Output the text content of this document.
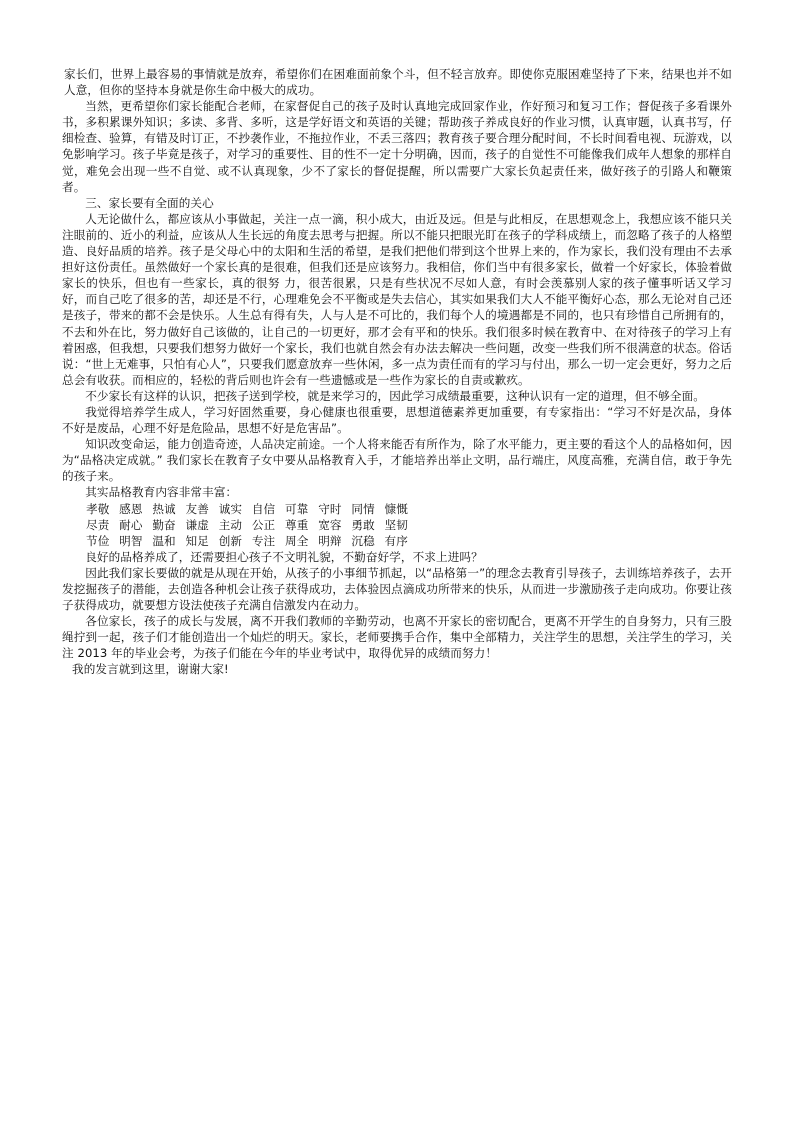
家长们，世界上最容易的事情就是放弃，希望你们在困难面前象个斗，但不轻言放弃。即使你克服困难坚持了下来，结果也并不如人意，但你的坚持本身就是你生命中极大的成功。

当然，更希望你们家长能配合老师，在家督促自己的孩子及时认真地完成回家作业，作好预习和复习工作；督促孩子多看课外书，多积累课外知识；多读、多背、多听，这是学好语文和英语的关键；帮助孩子养成良好的作业习惯，认真审题，认真书写，仔细检查、验算，有错及时订正，不抄袭作业，不拖拉作业，不丢三落四；教育孩子要合理分配时间，不长时间看电视、玩游戏，以免影响学习。孩子毕竟是孩子，对学习的重要性、目的性不一定十分明确，因而，孩子的自觉性不可能像我们成年人想象的那样自觉，难免会出现一些不自觉、或不认真现象，少不了家长的督促提醒，所以需要广大家长负起责任来，做好孩子的引路人和鞭策者。

三、家长要有全面的关心

人无论做什么，都应该从小事做起，关注一点一滴，积小成大，由近及远。但是与此相反，在思想观念上，我想应该不能只关注眼前的、近小的利益，应该从人生长远的角度去思考与把握。所以不能只把眼光盯在孩子的学科成绩上，而忽略了孩子的人格塑造、良好品质的培养。孩子是父母心中的太阳和生活的希望，是我们把他们带到这个世界上来的，作为家长，我们没有理由不去承担好这份责任。虽然做好一个家长真的是很难，但我们还是应该努力。我相信，你们当中有很多家长，做着一个好家长，体验着做家长的快乐，但也有一些家长，真的很努 力，很苦很累，只是有些状况不尽如人意，有时会羡慕别人家的孩子懂事听话又学习好，而自己吃了很多的苦，却还是不行，心理难免会不平衡或是失去信心，其实如果我们大人不能平衡好心态，那么无论对自己还是孩子，带来的都不会是快乐。人生总有得有失，人与人是不可比的，我们每个人的境遇都是不同的，也只有珍惜自己所拥有的，不去和外在比，努力做好自己该做的，让自己的一切更好，那才会有平和的快乐。我们很多时候在教育中、在对待孩子的学习上有着困惑，但我想，只要我们想努力做好一个家长，我们也就自然会有办法去解决一些问题，改变一些我们所不很满意的状态。俗话说：“世上无难事，只怕有心人”，只要我们愿意放弃一些休闲，多一点为责任而有的学习与付出，那么一切一定会更好，努力之后总会有收获。而相应的，轻松的背后则也许会有一些遗憾或是一些作为家长的自责或歉疚。

不少家长有这样的认识，把孩子送到学校，就是来学习的，因此学习成绩最重要，这种认识有一定的道理，但不够全面。

我觉得培养学生成人，学习好固然重要，身心健康也很重要，思想道德素养更加重要，有专家指出：“学习不好是次品，身体不好是废品，心理不好是危险品，思想不好是危害品”。

知识改变命运，能力创造奇迹，人品决定前途。一个人将来能否有所作为，除了水平能力，更主要的看这个人的品格如何，因为“品格决定成就。” 我们家长在教育子女中要从品格教育入手，才能培养出举止文明，品行端庄，风度高雅，充满自信，敢于争先的孩子来。

其实品格教育内容非常丰富：

孝敬 感恩 热诚 友善 诚实 自信 可靠 守时 同情 慷慨

尽责 耐心 勤奋 谦虚 主动 公正 尊重 宽容 勇敢 坚韧

节俭 明智 温和 知足 创新 专注 周全 明辩 沉稳 有序

良好的品格养成了，还需要担心孩子不文明礼貌，不勤奋好学，不求上进吗？

因此我们家长要做的就是从现在开始，从孩子的小事细节抓起，以“品格第一”的理念去教育引导孩子，去训练培养孩子，去开发挖掘孩子的潜能，去创造各种机会让孩子获得成功，去体验因点滴成功所带来的快乐，从而进一步激励孩子走向成功。你要让孩子获得成功，就要想方设法使孩子充满自信激发内在动力。

各位家长，孩子的成长与发展，离不开我们教师的辛勤劳动，也离不开家长的密切配合，更离不开学生的自身努力，只有三股绳拧到一起，孩子们才能创造出一个灿烂的明天。家长，老师要携手合作，集中全部精力，关注学生的思想，关注学生的学习，关注 2013 年的毕业会考，为孩子们能在今年的毕业考试中，取得优异的成绩而努力！

我的发言就到这里，谢谢大家!
